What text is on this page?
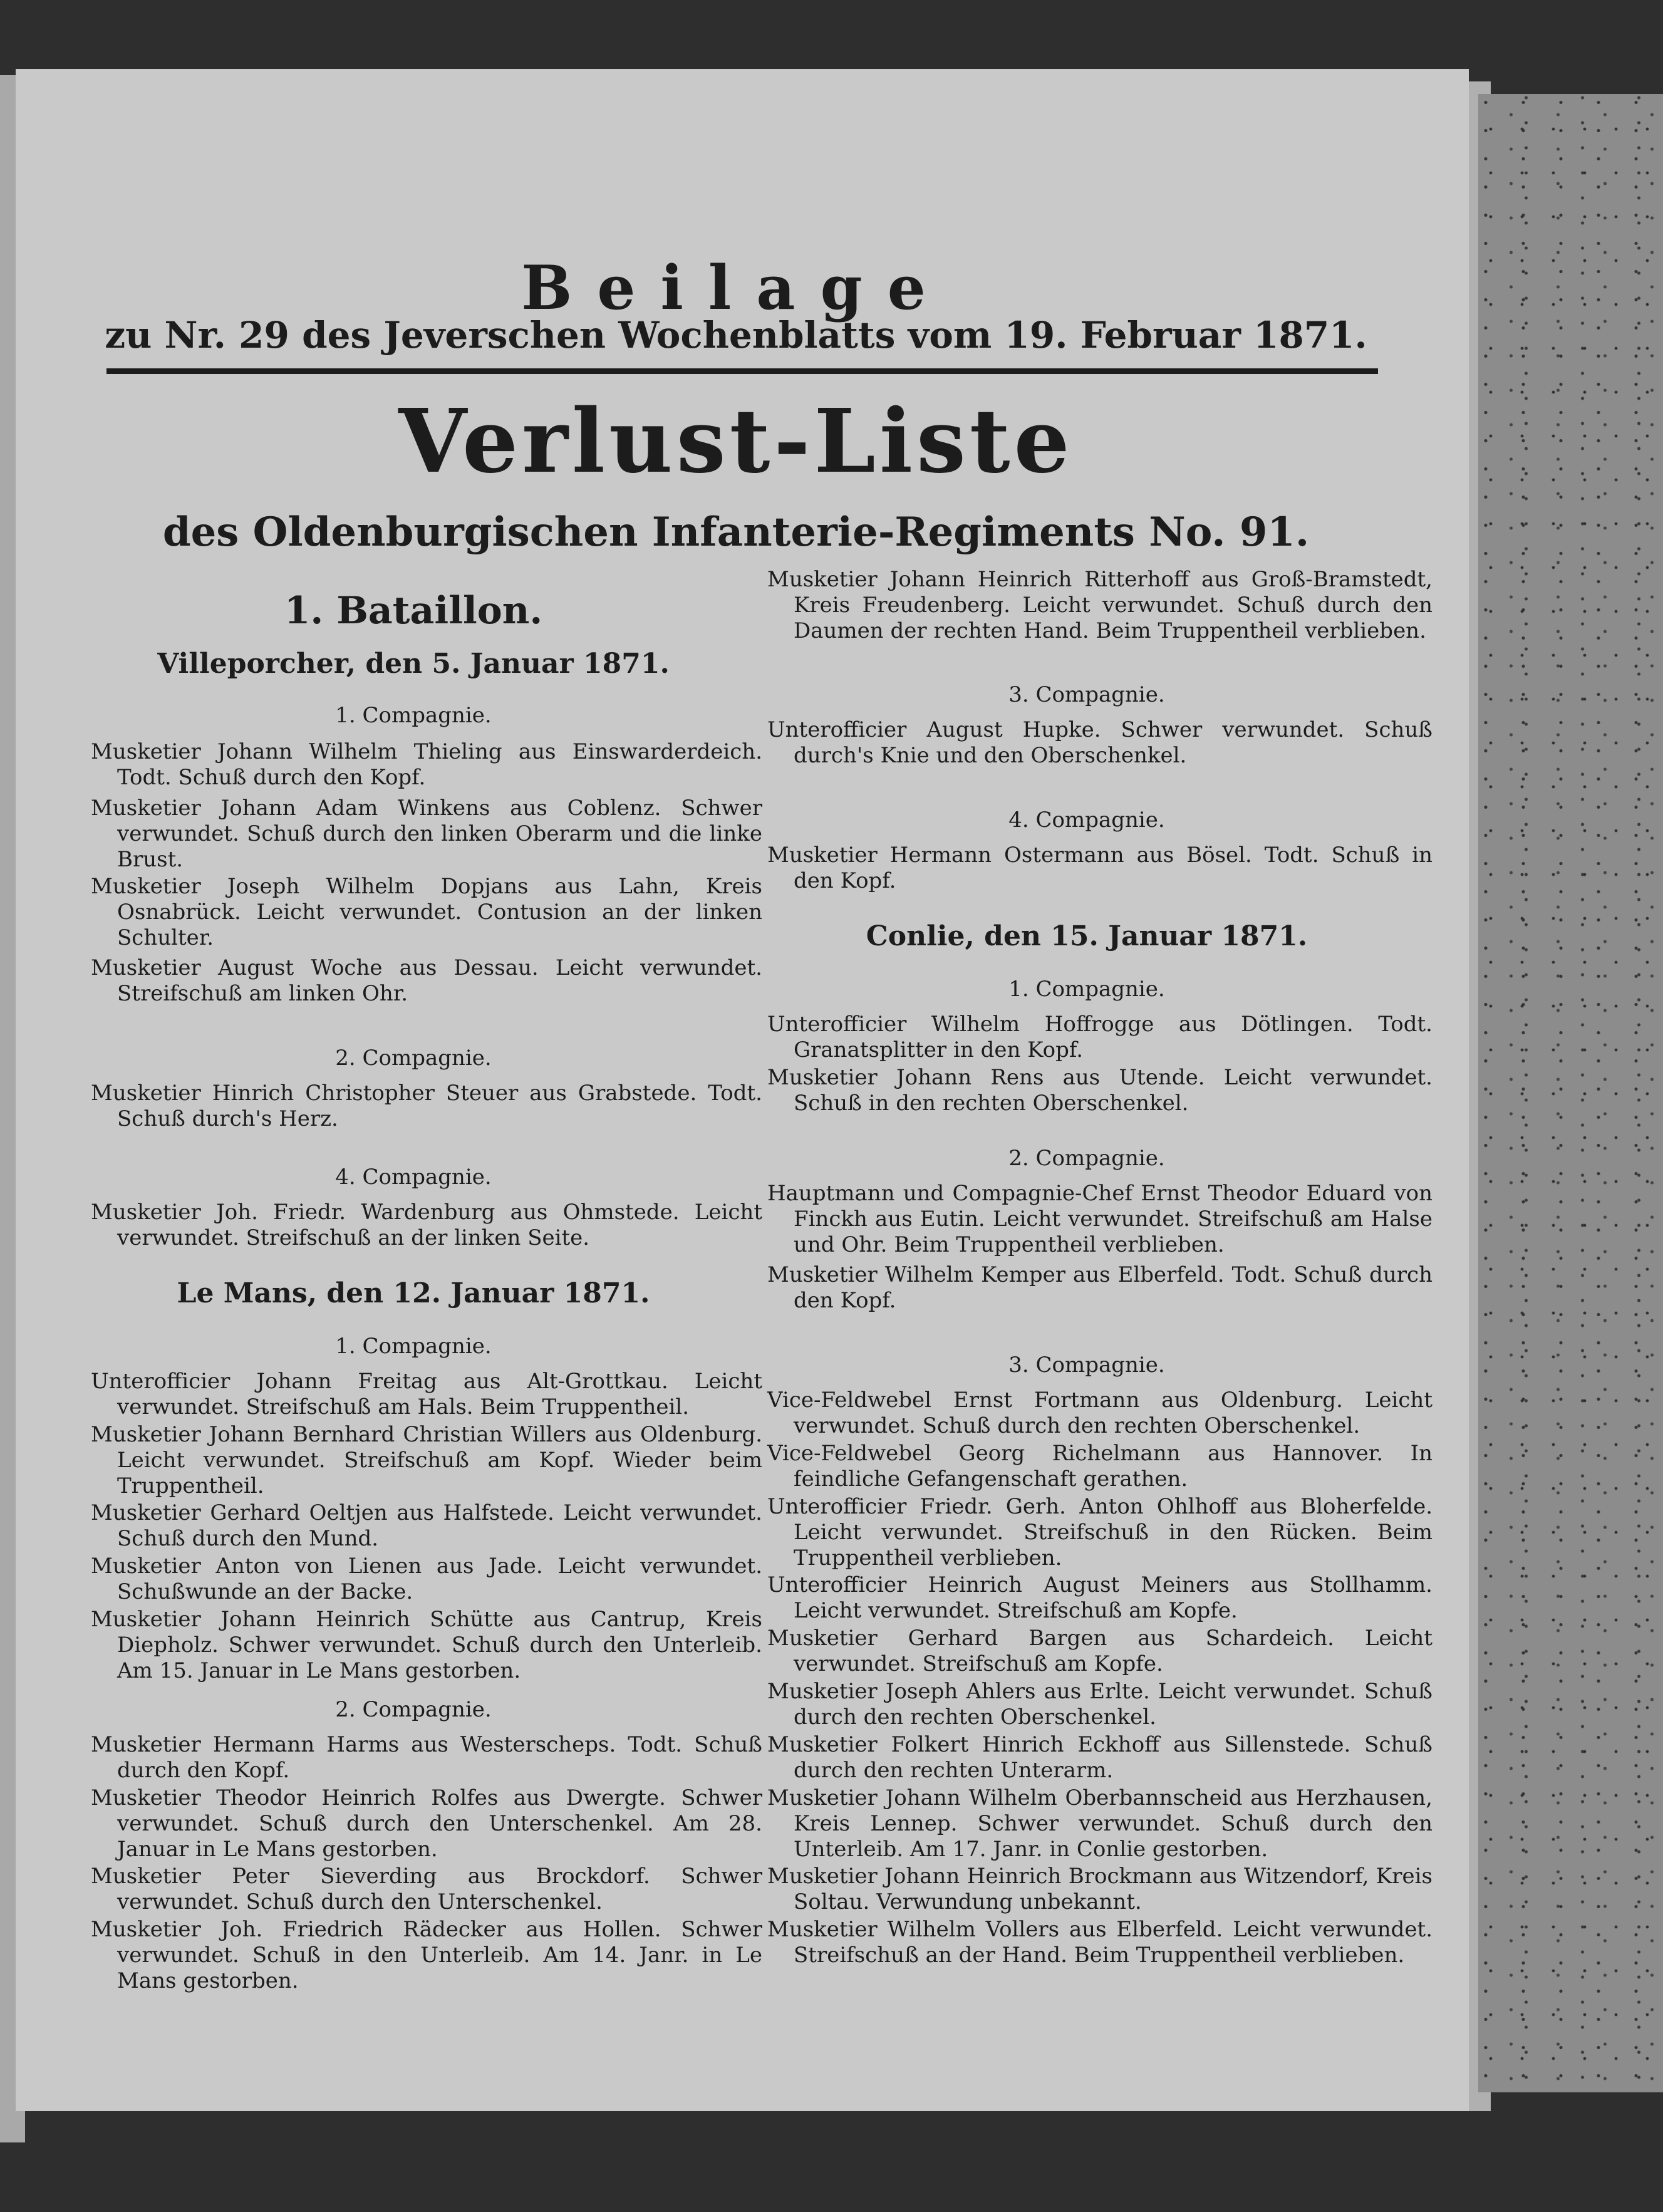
Beilage
zu Nr. 29 des Jeverschen Wochenblatts vom 19. Februar 1871.
Verlust-Liste
des Oldenburgischen Infanterie-Regiments No. 91.
1. Bataillon.
Villeporcher, den 5. Januar 1871.
1. Compagnie.
Musketier Johann Wilhelm Thieling aus Einswarderdeich. Todt. Schuß durch den Kopf.
Musketier Johann Adam Winkens aus Coblenz. Schwer verwundet. Schuß durch den linken Oberarm und die linke Brust.
Musketier Joseph Wilhelm Dopjans aus Lahn, Kreis Osnabrück. Leicht verwundet. Contusion an der linken Schulter.
Musketier August Woche aus Dessau. Leicht verwundet. Streifschuß am linken Ohr.
2. Compagnie.
Musketier Hinrich Christopher Steuer aus Grabstede. Todt. Schuß durch's Herz.
4. Compagnie.
Musketier Joh. Friedr. Wardenburg aus Ohmstede. Leicht verwundet. Streifschuß an der linken Seite.
Le Mans, den 12. Januar 1871.
1. Compagnie.
Unterofficier Johann Freitag aus Alt-Grottkau. Leicht verwundet. Streifschuß am Hals. Beim Truppentheil.
Musketier Johann Bernhard Christian Willers aus Oldenburg. Leicht verwundet. Streifschuß am Kopf. Wieder beim Truppentheil.
Musketier Gerhard Oeltjen aus Halfstede. Leicht verwundet. Schuß durch den Mund.
Musketier Anton von Lienen aus Jade. Leicht verwundet. Schußwunde an der Backe.
Musketier Johann Heinrich Schütte aus Cantrup, Kreis Diepholz. Schwer verwundet. Schuß durch den Unterleib. Am 15. Januar in Le Mans gestorben.
2. Compagnie.
Musketier Hermann Harms aus Westerscheps. Todt. Schuß durch den Kopf.
Musketier Theodor Heinrich Rolfes aus Dwergte. Schwer verwundet. Schuß durch den Unterschenkel. Am 28. Januar in Le Mans gestorben.
Musketier Peter Sieverding aus Brockdorf. Schwer verwundet. Schuß durch den Unterschenkel.
Musketier Joh. Friedrich Rädecker aus Hollen. Schwer verwundet. Schuß in den Unterleib. Am 14. Janr. in Le Mans gestorben.
Musketier Johann Heinrich Ritterhoff aus Groß-Bramstedt, Kreis Freudenberg. Leicht verwundet. Schuß durch den Daumen der rechten Hand. Beim Truppentheil verblieben.
3. Compagnie.
Unterofficier August Hupke. Schwer verwundet. Schuß durch's Knie und den Oberschenkel.
4. Compagnie.
Musketier Hermann Ostermann aus Bösel. Todt. Schuß in den Kopf.
Conlie, den 15. Januar 1871.
1. Compagnie.
Unterofficier Wilhelm Hoffrogge aus Dötlingen. Todt. Granatsplitter in den Kopf.
Musketier Johann Rens aus Utende. Leicht verwundet. Schuß in den rechten Oberschenkel.
2. Compagnie.
Hauptmann und Compagnie-Chef Ernst Theodor Eduard von Finckh aus Eutin. Leicht verwundet. Streifschuß am Halse und Ohr. Beim Truppentheil verblieben.
Musketier Wilhelm Kemper aus Elberfeld. Todt. Schuß durch den Kopf.
3. Compagnie.
Vice-Feldwebel Ernst Fortmann aus Oldenburg. Leicht verwundet. Schuß durch den rechten Oberschenkel.
Vice-Feldwebel Georg Richelmann aus Hannover. In feindliche Gefangenschaft gerathen.
Unterofficier Friedr. Gerh. Anton Ohlhoff aus Bloherfelde. Leicht verwundet. Streifschuß in den Rücken. Beim Truppentheil verblieben.
Unterofficier Heinrich August Meiners aus Stollhamm. Leicht verwundet. Streifschuß am Kopfe.
Musketier Gerhard Bargen aus Schardeich. Leicht verwundet. Streifschuß am Kopfe.
Musketier Joseph Ahlers aus Erlte. Leicht verwundet. Schuß durch den rechten Oberschenkel.
Musketier Folkert Hinrich Eckhoff aus Sillenstede. Schuß durch den rechten Unterarm.
Musketier Johann Wilhelm Oberbannscheid aus Herzhausen, Kreis Lennep. Schwer verwundet. Schuß durch den Unterleib. Am 17. Janr. in Conlie gestorben.
Musketier Johann Heinrich Brockmann aus Witzendorf, Kreis Soltau. Verwundung unbekannt.
Musketier Wilhelm Vollers aus Elberfeld. Leicht verwundet. Streifschuß an der Hand. Beim Truppentheil verblieben.
